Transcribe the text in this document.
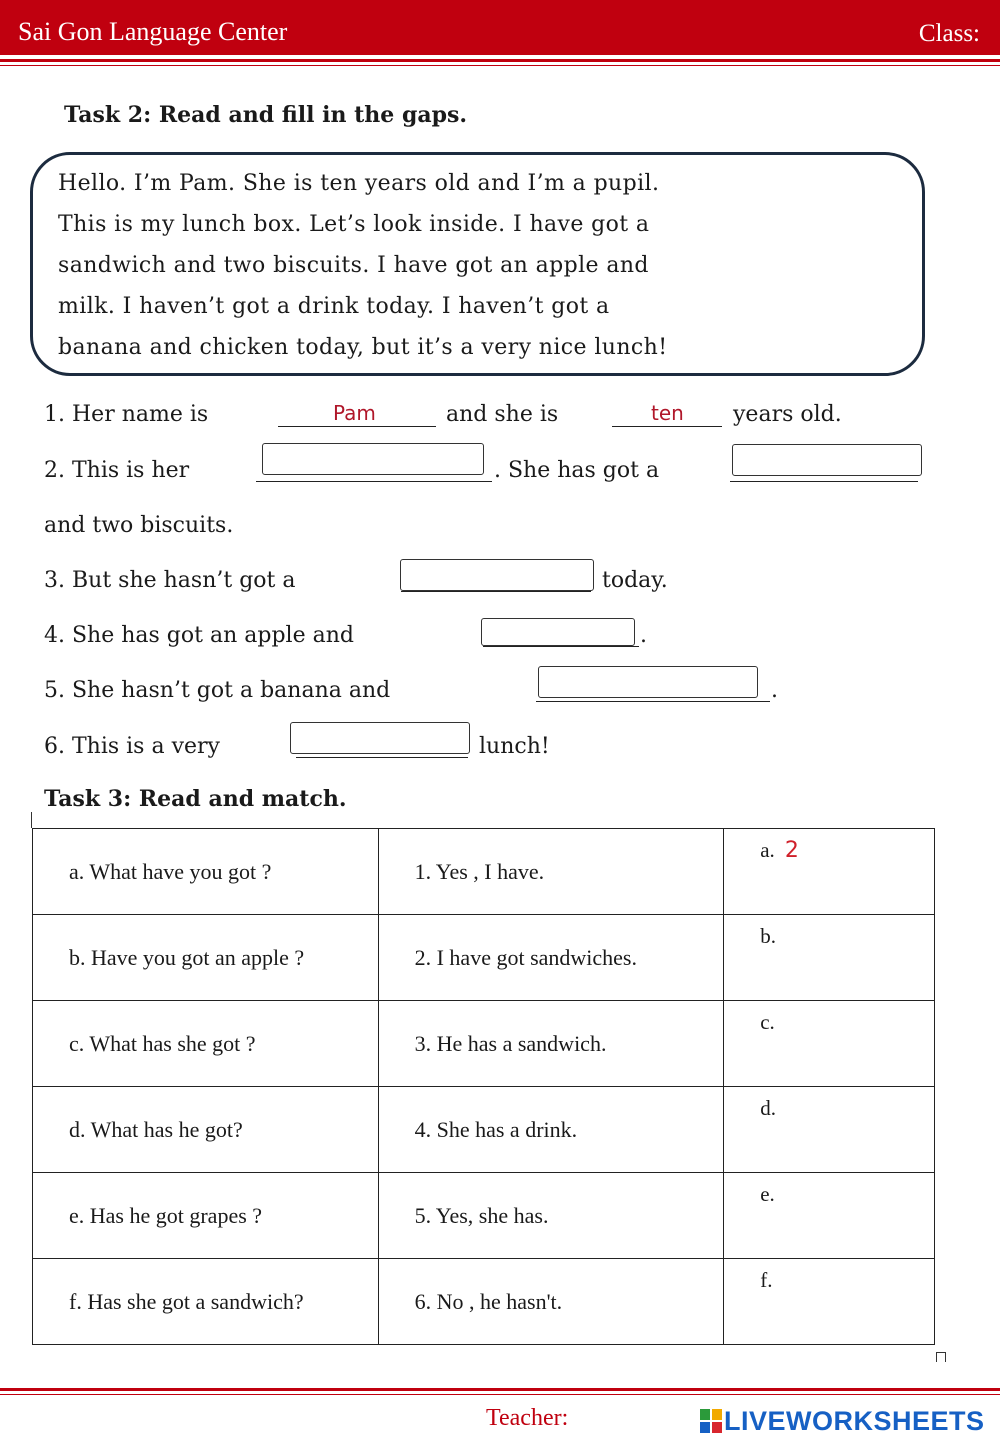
Sai Gon Language Center	Class:
Task 2: Read and fill in the gaps.

Hello. I’m Pam. She is ten years old and I’m a pupil.

This is my lunch box. Let’s look inside. I have got a

sandwich and two biscuits. I have got an apple and

milk. I haven’t got a drink today. I haven’t got a

banana and chicken today, but it’s a very nice lunch!

1. Her name is	Pam	and she is	ten years old.
2. This is her	. She has got a
and two biscuits.
3. But she hasn’t got a	today.
4. She has got an apple and	.
5. She hasn’t got a banana and	.
6. This is a very	lunch!
Task 3: Read and match.
a. What have you got ?	1. Yes , I have.	a. 2
b. Have you got an apple ?	2. I have got sandwiches.	b.
c. What has she got ?	3. He has a sandwich.	c.
d. What has he got?	4. She has a drink.	d.
e. Has he got grapes ?	5. Yes, she has.	e.
f. Has she got a sandwich?	6. No , he hasn't.	f.
Teacher:	LIVEWORKSHEETS
